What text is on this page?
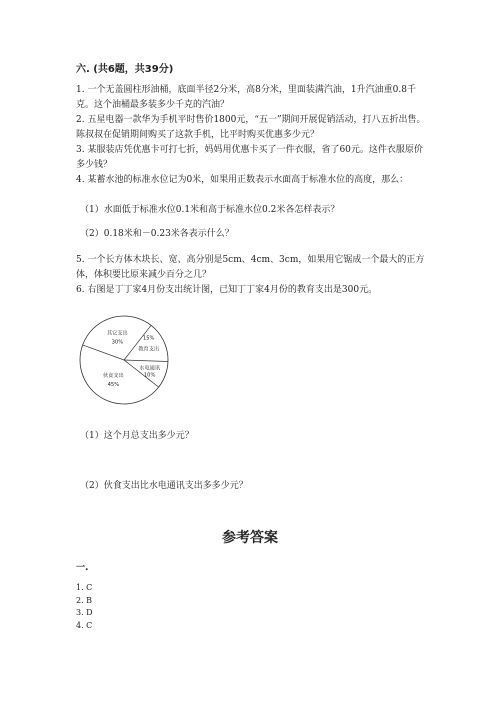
六. (共6题，共39分)

1. 一个无盖圆柱形油桶，底面半径2分米，高8分米，里面装满汽油，1升汽油重0.8千克。这个油桶最多装多少千克的汽油？

2. 五星电器一款华为手机平时售价1800元，“五一”期间开展促销活动，打八五折出售。陈叔叔在促销期间购买了这款手机，比平时购买优惠多少元？

3. 某服装店凭优惠卡可打七折，妈妈用优惠卡买了一件衣服，省了60元。这件衣服原价多少钱？

4. 某蓄水池的标准水位记为0米，如果用正数表示水面高于标准水位的高度，那么：

（1）水面低于标准水位0.1米和高于标准水位0.2米各怎样表示？

（2）0.18米和－0.23米各表示什么？

5. 一个长方体木块长、宽、高分别是5cm、4cm、3cm，如果用它锯成一个最大的正方体，体积要比原来减少百分之几？

6. 右图是丁丁家4月份支出统计图，已知丁丁家4月份的教育支出是300元。

其它支出
30%
教育支出
15%
水电通讯
10%
伙食支出
45%

（1）这个月总支出多少元？

（2）伙食支出比水电通讯支出多多少元？

参考答案
一.
1. C
2. B
3. D
4. C
